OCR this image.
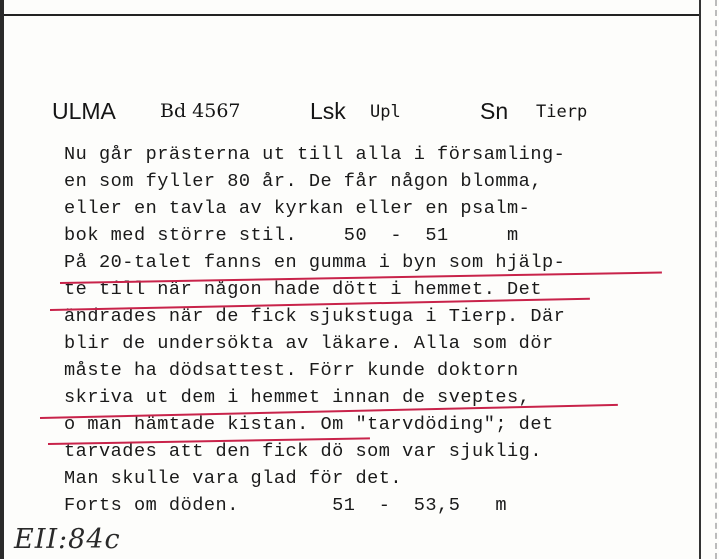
ULMA Bd 4567	Lsk Upl	Sn Tierp
Nu går prästerna ut till alla i församling-
en som fyller 80 år. De får någon blomma,
eller en tavla av kyrkan eller en psalm-
bok med större stil.    50  -  51     m
På 20-talet fanns en gumma i byn som hjälp-
te till när någon hade dött i hemmet. Det
ändrades när de fick sjukstuga i Tierp. Där
blir de undersökta av läkare. Alla som dör
måste ha dödsattest. Förr kunde doktorn
skriva ut dem i hemmet innan de sveptes,
o man hämtade kistan. Om "tarvdöding"; det
tarvades att den fick dö som var sjuklig.
Man skulle vara glad för det.
Forts om döden.        51  -  53,5   m
EII:84c
